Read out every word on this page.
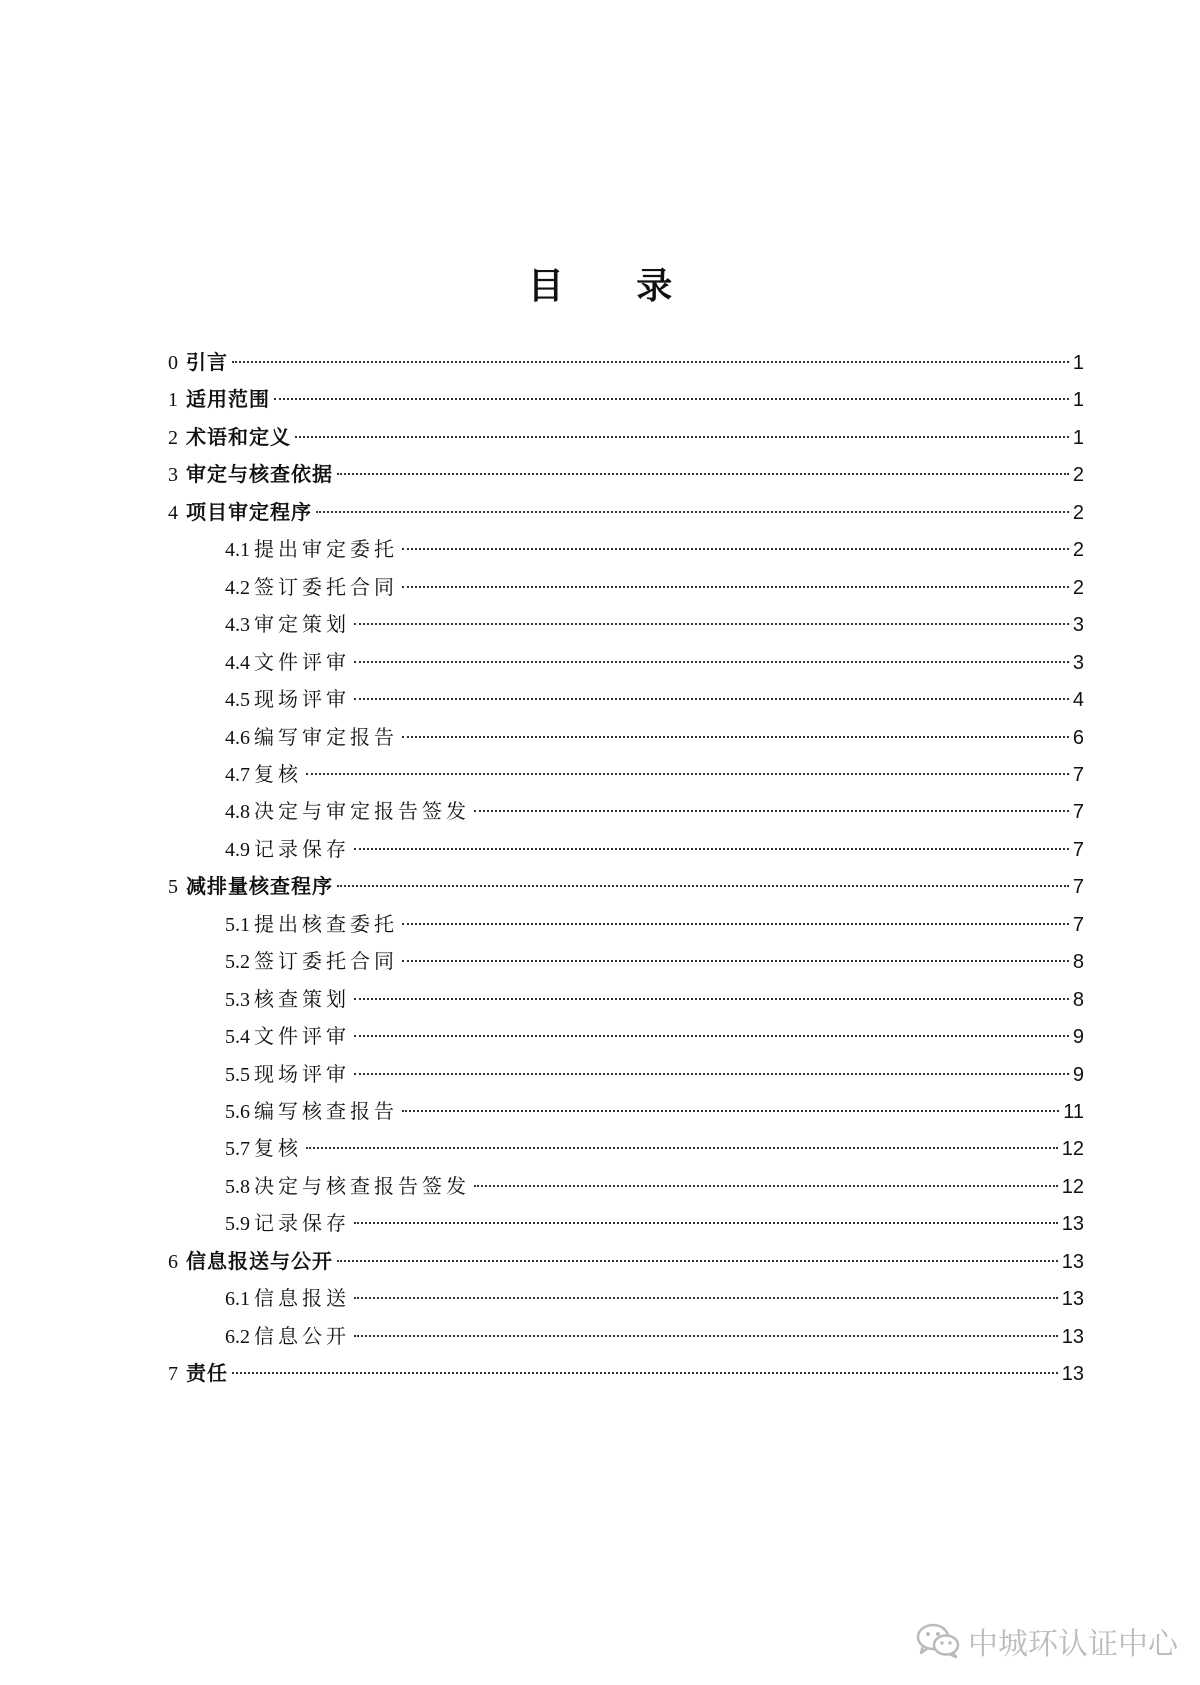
目 录
0 引言	1
1 适用范围	1
2 术语和定义	1
3 审定与核查依据	2
4 项目审定程序	2
4.1 提出审定委托	2
4.2 签订委托合同	2
4.3 审定策划	3
4.4 文件评审	3
4.5 现场评审	4
4.6 编写审定报告	6
4.7 复核	7
4.8 决定与审定报告签发	7
4.9 记录保存	7
5 减排量核查程序	7
5.1 提出核查委托	7
5.2 签订委托合同	8
5.3 核查策划	8
5.4 文件评审	9
5.5 现场评审	9
5.6 编写核查报告	11
5.7 复核	12
5.8 决定与核查报告签发	12
5.9 记录保存	13
6 信息报送与公开	13
6.1 信息报送	13
6.2 信息公开	13
7 责任	13
中城环认证中心
